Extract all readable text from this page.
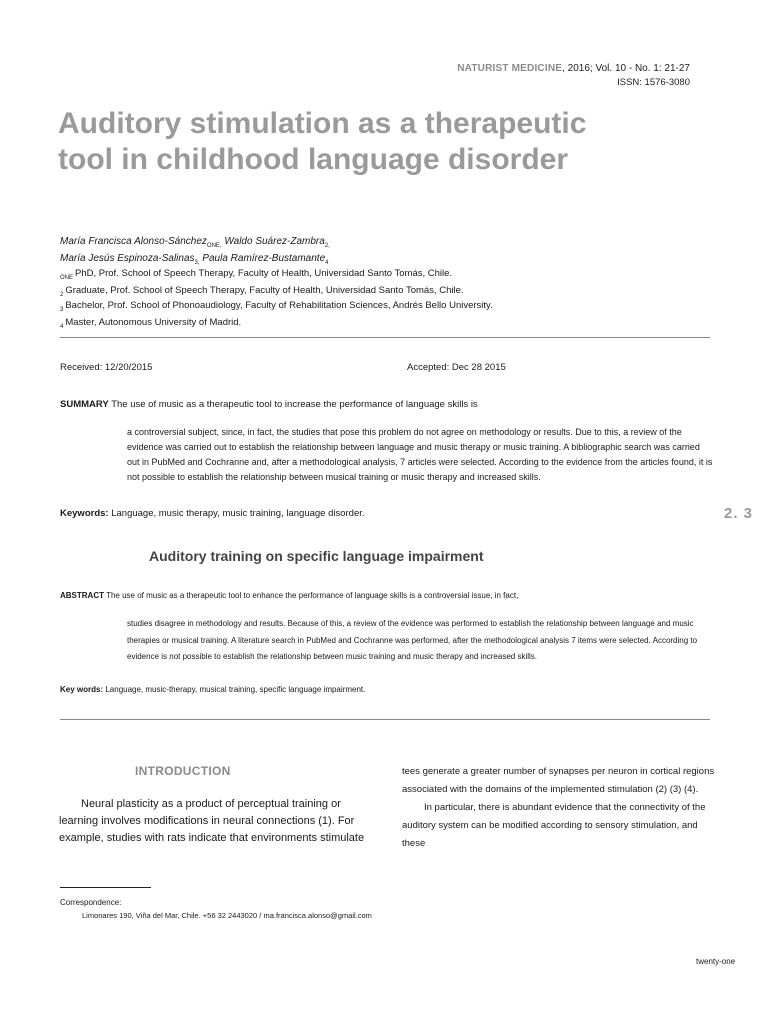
NATURIST MEDICINE, 2016; Vol. 10 - No. 1: 21-27
ISSN: 1576-3080
Auditory stimulation as a therapeutic
tool in childhood language disorder
María Francisca Alonso-Sánchez$_{ONE,}$ Waldo Suárez-Zambra$_{2,}$
María Jesús Espinoza-Salinas$_{3,}$ Paula Ramírez-Bustamante$_4$
$_{ONE}$ PhD, Prof. School of Speech Therapy, Faculty of Health, Universidad Santo Tomás, Chile.
$_2$ Graduate, Prof. School of Speech Therapy, Faculty of Health, Universidad Santo Tomás, Chile.
$_3$ Bachelor, Prof. School of Phonoaudiology, Faculty of Rehabilitation Sciences, Andrés Bello University.
$_4$ Master, Autonomous University of Madrid.
Received: 12/20/2015	Accepted: Dec 28 2015
SUMMARY The use of music as a therapeutic tool to increase the performance of language skills is
a controversial subject, since, in fact, the studies that pose this problem do not agree on methodology or results. Due to this, a review of the evidence was carried out to establish the relationship between language and music therapy or music training. A bibliographic search was carried out in PubMed and Cochranne and, after a methodological analysis, 7 articles were selected. According to the evidence from the articles found, it is not possible to establish the relationship between musical training or music therapy and increased skills.
Keywords: Language, music therapy, music training, language disorder.	2. 3
Auditory training on specific language impairment
ABSTRACT The use of music as a therapeutic tool to enhance the performance of language skills is a controversial issue, in fact,
studies disagree in methodology and results. Because of this, a review of the evidence was performed to establish the relationship between language and music therapies or musical training. A literature search in PubMed and Cochranne was performed, after the methodological analysis 7 items were selected. According to evidence is not possible to establish the relationship between music training and music therapy and increased skills.
Key words: Language, music-therapy, musical training, specific language impairment.
INTRODUCTION
Neural plasticity as a product of perceptual training or learning involves modifications in neural connections (1). For example, studies with rats indicate that environments stimulate
tees generate a greater number of synapses per neuron in cortical regions associated with the domains of the implemented stimulation (2) (3) (4).
In particular, there is abundant evidence that the connectivity of the auditory system can be modified according to sensory stimulation, and these
Correspondence:
Limonares 190, Viña del Mar, Chile. +56 32 2443020 / ma.francisca.alonso@gmail.com
twenty-one
